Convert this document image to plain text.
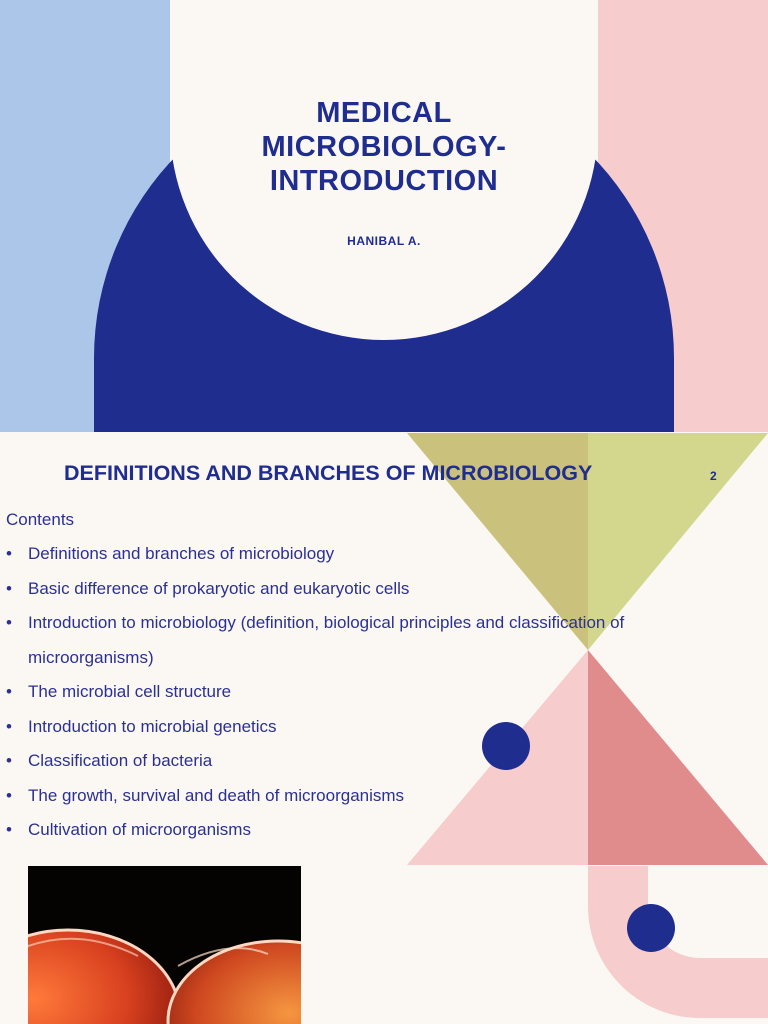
MEDICAL
MICROBIOLOGY-
INTRODUCTION
HANIBAL A.
DEFINITIONS AND BRANCHES OF MICROBIOLOGY	2
Contents
• Definitions and branches of microbiology
• Basic difference of prokaryotic and eukaryotic cells
• Introduction to microbiology (definition, biological principles and classification of microorganisms)
• The microbial cell structure
• Introduction to microbial genetics
• Classification of bacteria
• The growth, survival and death of microorganisms
• Cultivation of microorganisms
